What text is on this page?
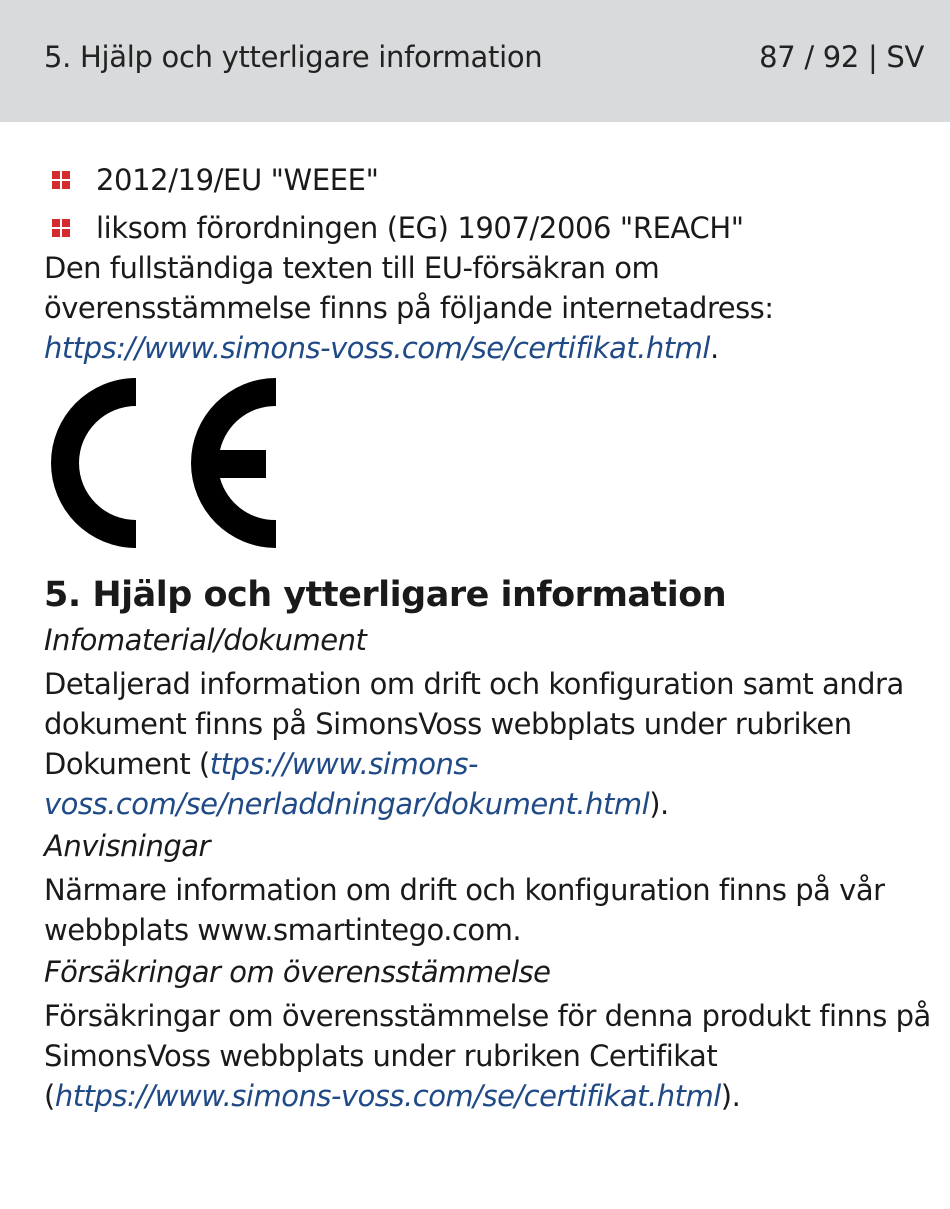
5. Hjälp och ytterligare information	87 / 92 | SV
2012/19/EU "WEEE"
liksom förordningen (EG) 1907/2006 "REACH"

Den fullständiga texten till EU-försäkran om överensstämmelse finns på följande internetadress: https://www.simons-voss.com/se/certifikat.html.

5. Hjälp och ytterligare information
Infomaterial/dokument

Detaljerad information om drift och konfiguration samt andra dokument finns på SimonsVoss webbplats under rubriken Dokument (ttps://www.simons-voss.com/se/nerladdningar/dokument.html).

Anvisningar

Närmare information om drift och konfiguration finns på vår webbplats www.smartintego.com.

Försäkringar om överensstämmelse

Försäkringar om överensstämmelse för denna produkt finns på SimonsVoss webbplats under rubriken Certifikat (https://www.simons-voss.com/se/certifikat.html).
